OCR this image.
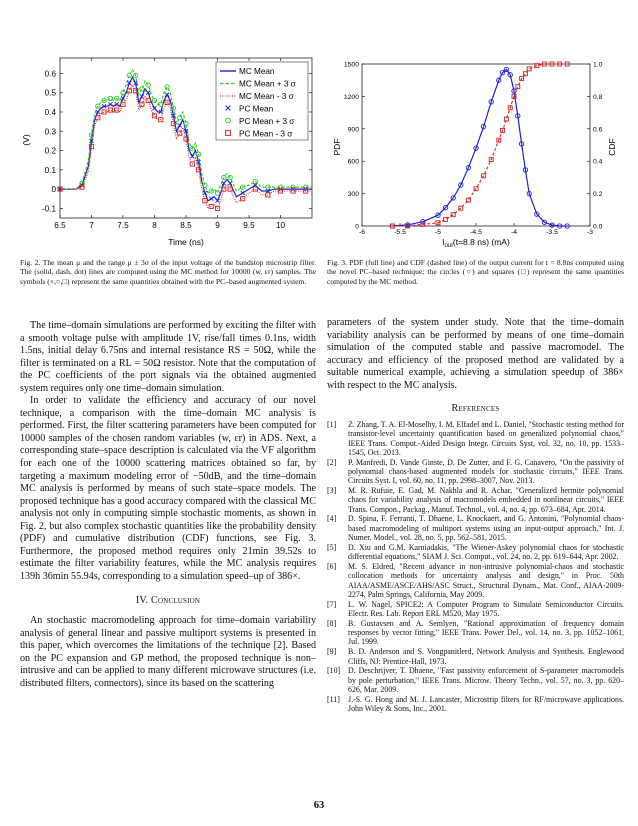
6.5	7	7.5	8	8.5	9	9.5	10
-0.1
0
0.1
0.2
0.3
0.4
0.5
0.6
(V)
Time (ns)
MC Mean
MC Mean + 3 σ
MC Mean - 3 σ
PC Mean
PC Mean + 3 σ
PC Mean - 3 σ
-6	-5.5	-5	-4.5	-4	-3.5	-3
0
300
600
900
1200
1500
0.0
0.2
0.4
0.6
0.8
1.0
PDF	CDF
$I_{out}(t=8.8$ ns) (mA)
Fig. 2. The mean μ and the range μ ± 3σ of the input voltage of the bandstop microstrip filter. The (solid, dash, dot) lines are computed using the MC method for 10000 (w, εr) samples. The symbols (×,○,□) represent the same quantities obtained with the PC–based augmented system.
Fig. 3. PDF (full line) and CDF (dashed line) of the output current for t = 8.8ns computed using the novel PC–based technique; the circles (○) and squares (□) represent the same quantities computed by the MC method.

The time–domain simulations are performed by exciting the filter with a smooth voltage pulse with amplitude 1V, rise/fall times 0.1ns, width 1.5ns, initial delay 6.75ns and internal resistance RS = 50Ω, while the filter is terminated on a RL = 50Ω resistor. Note that the computation of the PC coefficients of the port signals via the obtained augmented system requires only one time–domain simulation.

In order to validate the efficiency and accuracy of our novel technique, a comparison with the time–domain MC analysis is performed. First, the filter scattering parameters have been computed for 10000 samples of the chosen random variables (w, εr) in ADS. Next, a corresponding state–space description is calculated via the VF algorithm for each one of the 10000 scattering matrices obtained so far, by targeting a maximum modeling error of −50dB, and the time–domain MC analysis is performed by means of such state–space models. The proposed technique has a good accuracy compared with the classical MC analysis not only in computing simple stochastic moments, as shown in Fig. 2, but also complex stochastic quantities like the probability density (PDF) and cumulative distribution (CDF) functions, see Fig. 3. Furthermore, the proposed method requires only 21min 39.52s to estimate the filter variability features, while the MC analysis requires 139h 36min 55.94s, corresponding to a simulation speed–up of 386×.

IV. Conclusion

An stochastic macromodeling approach for time–domain variability analysis of general linear and passive multiport systems is presented in this paper, which overcomes the limitations of the technique [2]. Based on the PC expansion and GP method, the proposed technique is non–intrusive and can be applied to many different microwave structures (i.e. distributed filters, connectors), since its based on the scattering

parameters of the system under study. Note that the time–domain variability analysis can be performed by means of one time–domain simulation of the computed stable and passive macromodel. The accuracy and efficiency of the proposed method are validated by a suitable numerical example, achieving a simulation speedup of 386× with respect to the MC analysis.

References
[1]	Z. Zhang, T. A. El-Moselhy, I. M. Elfadel and L. Daniel, "Stochastic testing method for transistor-level uncertainty quantification based on generalized polynomial chaos," IEEE Trans. Comput.-Aided Design Integr. Circuits Syst, vol. 32, no. 10, pp. 1533–1545, Oct. 2013.
[2]	P. Manfredi, D. Vande Ginste, D. De Zutter, and F. G. Canavero, "On the passivity of polynomial chaos-based augmented models for stochastic circuits," IEEE Trans. Circuits Syst. I, vol. 60, no. 11, pp. 2998–3007, Nov. 2013.
[3]	M. R. Rufuie, E. Gad, M. Nakhla and R. Achar, "Generalized hermite polynomial chaos for variability analysis of macromodels embedded in nonlinear circuits," IEEE Trans. Compon., Packag., Manuf. Technol., vol. 4, no. 4, pp. 673–684, Apr. 2014.
[4]	D. Spina, F. Ferranti, T. Dhaene, L. Knockaert, and G. Antonini, "Polynomial chaos-based macromodeling of multiport systems using an input-output approach," Int. J. Numer. Model., vol. 28, no. 5, pp. 562–581, 2015.
[5]	D. Xiu and G.M. Karniadakis, "The Wiener-Askey polynomial chaos for stochastic differential equations," SIAM J. Sci. Comput., vol. 24, no. 2, pp. 619–644, Apr. 2002.
[6]	M. S. Eldred, "Recent advance in non-intrusive polynomial-chaos and stochastic collocation methods for uncertainty analysis and design," in Proc. 50th AIAA/ASME/ASCE/AHS/ASC Struct., Structural Dynam., Mat. Conf., AIAA-2009-2274, Palm Springs, California, May 2009.
[7]	L. W. Nagel, SPICE2: A Computer Program to Simulate Semiconductor Circuits. Electr. Res. Lab. Report ERL M520, May 1975.
[8]	B. Gustavsen and A. Semlyen, "Rational approximation of frequency domain responses by vector fitting," IEEE Trans. Power Del., vol. 14, no. 3, pp. 1052–1061, Jul. 1999.
[9]	B. D. Anderson and S. Vongpanitlerd, Network Analysis and Synthesis. Englewood Cliffs, NJ: Prentice-Hall, 1973.
[10] D. Deschrijver, T. Dhaene, "Fast passivity enforcement of S-parameter macromodels by pole perturbation," IEEE Trans. Microw. Theory Techn., vol. 57, no. 3, pp. 620–626, Mar. 2009.
[11]	J.-S. G. Hong and M. J. Lancaster, Microstrip filters for RF/microwave applications. John Wiley & Sons, Inc., 2001.
63
